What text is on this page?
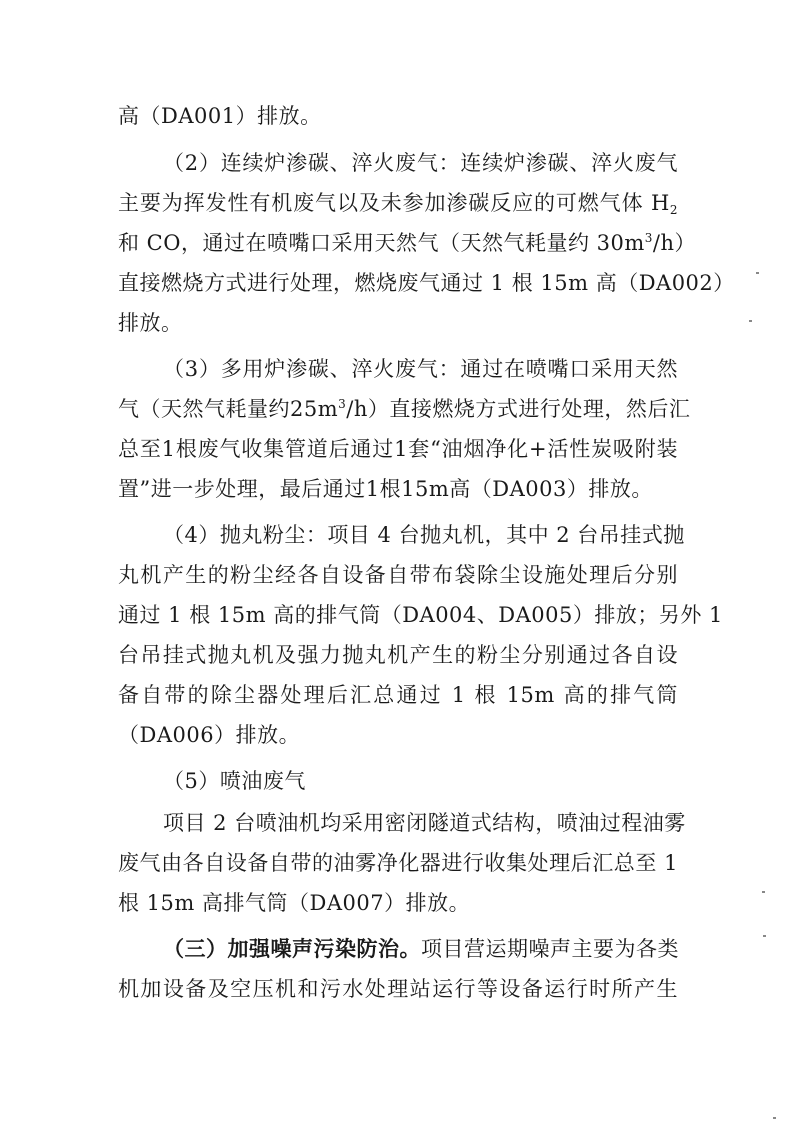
高（DA001）排放。
（2）连续炉渗碳、淬火废气：连续炉渗碳、淬火废气
主要为挥发性有机废气以及未参加渗碳反应的可燃气体 $H_2$
和 CO，通过在喷嘴口采用天然气（天然气耗量约 $30m^3/h$）
直接燃烧方式进行处理，燃烧废气通过 1 根 15m 高（DA002）
排放。
（3）多用炉渗碳、淬火废气：通过在喷嘴口采用天然
气（天然气耗量约$25m^3/h$）直接燃烧方式进行处理，然后汇
总至1根废气收集管道后通过1套“油烟净化+活性炭吸附装
置”进一步处理，最后通过1根15m高（DA003）排放。
（4）抛丸粉尘：项目 4 台抛丸机，其中 2 台吊挂式抛
丸机产生的粉尘经各自设备自带布袋除尘设施处理后分别
通过 1 根 15m 高的排气筒（DA004、DA005）排放；另外 1
台吊挂式抛丸机及强力抛丸机产生的粉尘分别通过各自设
备自带的除尘器处理后汇总通过 1 根 15m 高的排气筒
（DA006）排放。
（5）喷油废气
项目 2 台喷油机均采用密闭隧道式结构，喷油过程油雾
废气由各自设备自带的油雾净化器进行收集处理后汇总至 1
根 15m 高排气筒（DA007）排放。
（三）加强噪声污染防治。项目营运期噪声主要为各类
机加设备及空压机和污水处理站运行等设备运行时所产生
